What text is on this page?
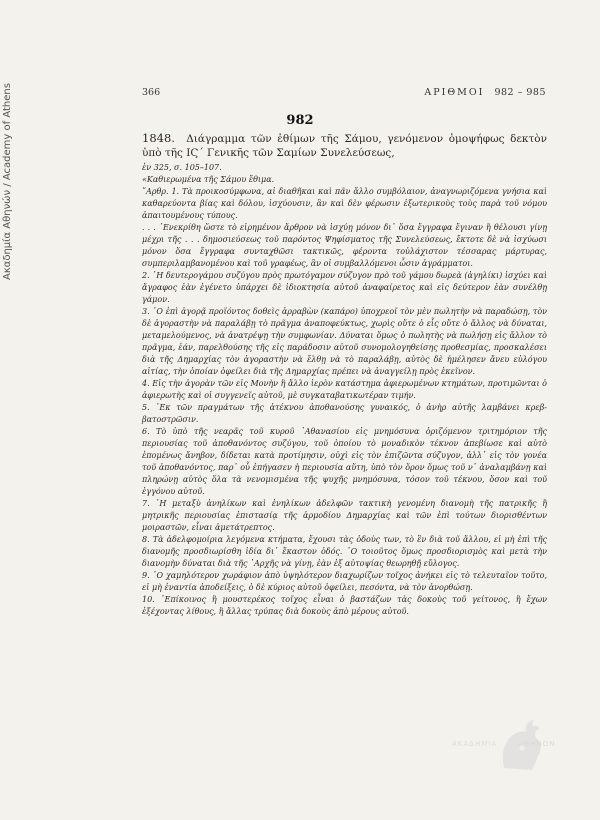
Ακαδημία Αθηνών / Academy of Athens	366	ΑΡΙΘΜΟΙ 982 – 985
982

1848. Διάγραμμα τῶν ἐθίμων τῆς Σάμου, γενόμενον ὁμοψήφως δεκτὸν ὑπὸ τῆς ΙϚ΄ Γενικῆς τῶν Σαμίων Συνελεύσεως,

ἐν 325, σ. 105–107.

«Καθιερωμένα τῆς Σάμου ἔθιμα.

῎Αρθρ. 1. Τὰ προικοσύμφωνα, αἱ διαθῆκαι καὶ πᾶν ἄλλο συμβόλαιον, ἀναγνωριζόμενα γνήσια καὶ καθαρεύοντα βίας καὶ δόλου, ἰσχύουσιν, ἂν καὶ δὲν φέρωσιν ἐξωτερικοὺς τοὺς παρὰ τοῦ νόμου ἀπαιτουμένους τύπους.

. . . ᾽Ενεκρίθη ὥστε τὸ εἰρημένον ἄρθρον νὰ ἰσχύῃ μόνον δι᾽ ὅσα ἔγγραφα ἔγιναν ἢ θέλουσι γίνῃ μέχρι τῆς . . . δημοσιεύσεως τοῦ παρόντος Ψηφίσματος τῆς Συνελεύσεως, ἔκτοτε δὲ νὰ ἰσχύωσι μόνον ὅσα ἔγγραφα συνταχθῶσι τακτικῶς, φέροντα τοὐλάχιστον τέσσαρας μάρτυρας, συμπεριλαμβανομένου καὶ τοῦ γραφέως, ἂν οἱ συμβαλλόμενοι ὦσιν ἀγράμματοι.

2. ῾Η δευτερογάμου συζύγου πρὸς πρωτόγαμον σύζυγον πρὸ τοῦ γάμου δωρεὰ (ἀγηλίκι) ἰσχύει καὶ ἄγραφος ἐὰν ἐγένετο ὑπάρχει δὲ ἰδιοκτησία αὐτοῦ ἀναφαίρετος καὶ εἰς δεύτερον ἐὰν συνέλθῃ γάμον.

3. ῾Ο ἐπὶ ἀγορᾷ προϊόντος δοθεὶς ἀρραβὼν (καπάρο) ὑποχρεοῖ τὸν μὲν πωλητὴν νὰ παραδώσῃ, τὸν δὲ ἀγοραστὴν νὰ παραλάβῃ τὸ πρᾶγμα ἀναποφεύκτως, χωρὶς οὔτε ὁ εἷς οὔτε ὁ ἄλλος νὰ δύναται, μεταμελούμενος, νὰ ἀνατρέψῃ τὴν συμφωνίαν. Δύναται ὅμως ὁ πωλητὴς νὰ πωλήσῃ εἰς ἄλλον τὸ πρᾶγμα, ἐάν, παρελθούσης τῆς εἰς παράδοσιν αὐτοῦ συνομολογηθείσης προθεσμίας, προσκαλέσει διὰ τῆς Δημαρχίας τὸν ἀγοραστὴν νὰ ἔλθῃ νὰ τὸ παραλάβῃ, αὐτὸς δὲ ἠμέλησεν ἄνευ εὐλόγου αἰτίας, τὴν ὁποίαν ὀφείλει διὰ τῆς Δημαρχίας πρέπει νὰ ἀναγγείλῃ πρὸς ἐκεῖνον.

4. Εἰς τὴν ἀγορὰν τῶν εἰς Μονὴν ἢ ἄλλο ἱερὸν κατάστημα ἀφιερωμένων κτημάτων, προτιμῶνται ὁ ἀφιερωτὴς καὶ οἱ συγγενεῖς αὐτοῦ, μὲ συγκαταβατικωτέραν τιμήν.

5. ᾽Εκ τῶν πραγμάτων τῆς ἀτέκνου ἀποθανούσης γυναικός, ὁ ἀνὴρ αὐτῆς λαμβάνει κρεββατοστρῶσιν.

6. Τὸ ὑπὸ τῆς νεαρᾶς τοῦ κυροῦ ᾽Αθανασίου εἰς μνημόσυνα ὁριζόμενον τριτημόριον τῆς περιουσίας τοῦ ἀποθανόντος συζύγου, τοῦ ὁποίου τὸ μοναδικὸν τέκνον ἀπεβίωσε καὶ αὐτὸ ἐπομένως ἄνηβον, δίδεται κατὰ προτίμησιν, οὐχὶ εἰς τὸν ἐπιζῶντα σύζυγον, ἀλλ᾽ εἰς τὸν γονέα τοῦ ἀποθανόντος, παρ᾽ οὗ ἐπήγασεν ἡ περιουσία αὕτη, ὑπὸ τὸν ὅρον ὅμως τοῦ ν᾽ ἀναλαμβάνῃ καὶ πληρώνῃ αὐτὸς ὅλα τὰ νενομισμένα τῆς ψυχῆς μνημόσυνα, τόσον τοῦ τέκνου, ὅσον καὶ τοῦ ἐγγόνου αὐτοῦ.

7. ῾Η μεταξὺ ἀνηλίκων καὶ ἐνηλίκων ἀδελφῶν τακτικὴ γενομένη διανομὴ τῆς πατρικῆς ἢ μητρικῆς περιουσίας ἐπιστασίᾳ τῆς ἁρμοδίου Δημαρχίας καὶ τῶν ἐπὶ τούτων διορισθέντων μοιραστῶν, εἶναι ἀμετάτρεπτος.

8. Τὰ ἀδελφομοίρια λεγόμενα κτήματα, ἔχουσι τὰς ὁδοὺς των, τὸ ἓν διὰ τοῦ ἄλλου, εἰ μὴ ἐπὶ τῆς διανομῆς προσδιωρίσθη ἰδία δι᾽ ἕκαστον ὁδός. ῾Ο τοιοῦτος ὅμως προσδιορισμὸς καὶ μετὰ τὴν διανομὴν δύναται διὰ τῆς ᾽Αρχῆς νὰ γίνῃ, ἐὰν ἐξ αὐτοψίας θεωρηθῇ εὔλογος.

9. ῾Ο χαμηλότερον χωράφιον ἀπὸ ὑψηλότερον διαχωρίζων τοῖχος ἀνήκει εἰς τὸ τελευταῖον τοῦτο, εἰ μὴ ἐναντία ἀποδείξεις, ὁ δὲ κύριος αὐτοῦ ὀφείλει, πεσόντα, νὰ τὸν ἀνορθώσῃ.

10. ᾽Επίκοινος ἢ μουστερέκος τοῖχος εἶναι ὁ βαστάζων τὰς δοκοὺς τοῦ γείτονος, ἢ ἔχων ἐξέχοντας λίθους, ἢ ἄλλας τρύπας διὰ δοκοὺς ἀπὸ μέρους αὐτοῦ.

ΑΚΑΔΗΜΙΑ	ΑΘΗΝΩΝ
